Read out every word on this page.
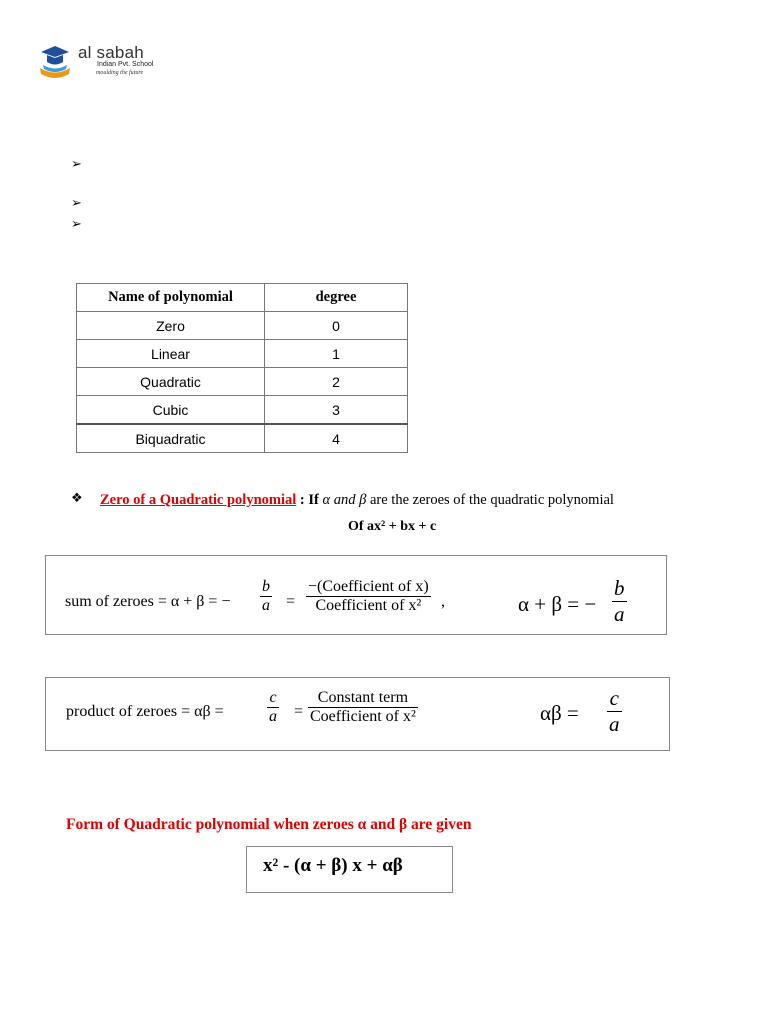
al sabah
Indian Pvt. School
moulding the future
➢
➢
➢
Name of polynomial	degree
Zero	0
Linear	1
Quadratic	2
Cubic	3
Biquadratic	4
❖ Zero of a Quadratic polynomial : If α and β are the zeroes of the quadratic polynomial
Of ax² + bx + c
sum of zeroes = α + β = − $\frac{b}{a}$ =
−(Coefficient of x)
Coefficient of x²	,	α + β = − $\frac{b}{a}$
product of zeroes = αβ =	$\frac{c}{a}$ =
Constant term
Coefficient of x²	$\alpha\beta = \frac{c}{a}$
Form of Quadratic polynomial when zeroes α and β are given
x² - (α + β) x + αβ
